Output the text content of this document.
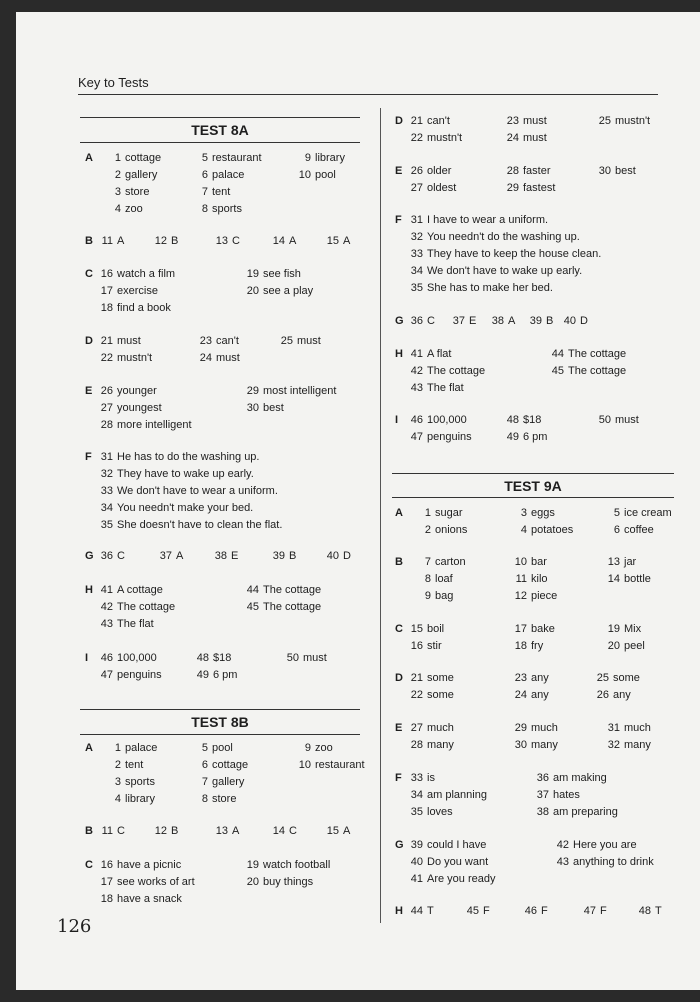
Key to Tests
TEST 8A
TEST 8B
TEST 9A
A	1 cottage	5 restaurant	9 library
2 gallery	6 palace	10 pool
3 store	7 tent
4 zoo	8 sports
B 11 A	12 B	13 C	14 A	15 A
C 16 watch a film	19 see fish
17 exercise	20 see a play
18 find a book
D 21 must	23 can't	25 must
22 mustn't	24 must
E 26 younger	29 most intelligent
27 youngest	30 best
28 more intelligent
F 31 He has to do the washing up.
32 They have to wake up early.
33 We don't have to wear a uniform.
34 You needn't make your bed.
35 She doesn't have to clean the flat.
G 36 C	37 A	38 E	39 B	40 D
H 41 A cottage	44 The cottage
42 The cottage	45 The cottage
43 The flat
I	46 100,000	48 $18	50 must
47 penguins	49 6 pm
A	1 palace	5 pool	9 zoo
2 tent	6 cottage	10 restaurant
3 sports	7 gallery
4 library	8 store
B 11 C	12 B	13 A	14 C	15 A
C 16 have a picnic	19 watch football
17 see works of art	20 buy things
18 have a snack
D 21 can't	23 must	25 mustn't
22 mustn't	24 must
E 26 older	28 faster	30 best
27 oldest	29 fastest
F 31 I have to wear a uniform.
32 You needn't do the washing up.
33 They have to keep the house clean.
34 We don't have to wake up early.
35 She has to make her bed.
G 36 C	37 E	38 A	39 B 40 D
H 41 A flat	44 The cottage
42 The cottage	45 The cottage
43 The flat
I	46 100,000	48 $18	50 must
47 penguins	49 6 pm
A	1 sugar	3 eggs	5 ice cream
2 onions	4 potatoes	6 coffee
B	7 carton	10 bar	13 jar
8 loaf	11 kilo	14 bottle
9 bag	12 piece
C 15 boil	17 bake	19 Mix
16 stir	18 fry	20 peel
D 21 some	23 any	25 some
22 some	24 any	26 any
E 27 much	29 much	31 much
28 many	30 many	32 many
F 33 is	36 am making
34 am planning	37 hates
35 loves	38 am preparing
G 39 could I have	42 Here you are
40 Do you want	43 anything to drink
41 Are you ready
H 44 T	45 F	46 F	47 F	48 T
126
